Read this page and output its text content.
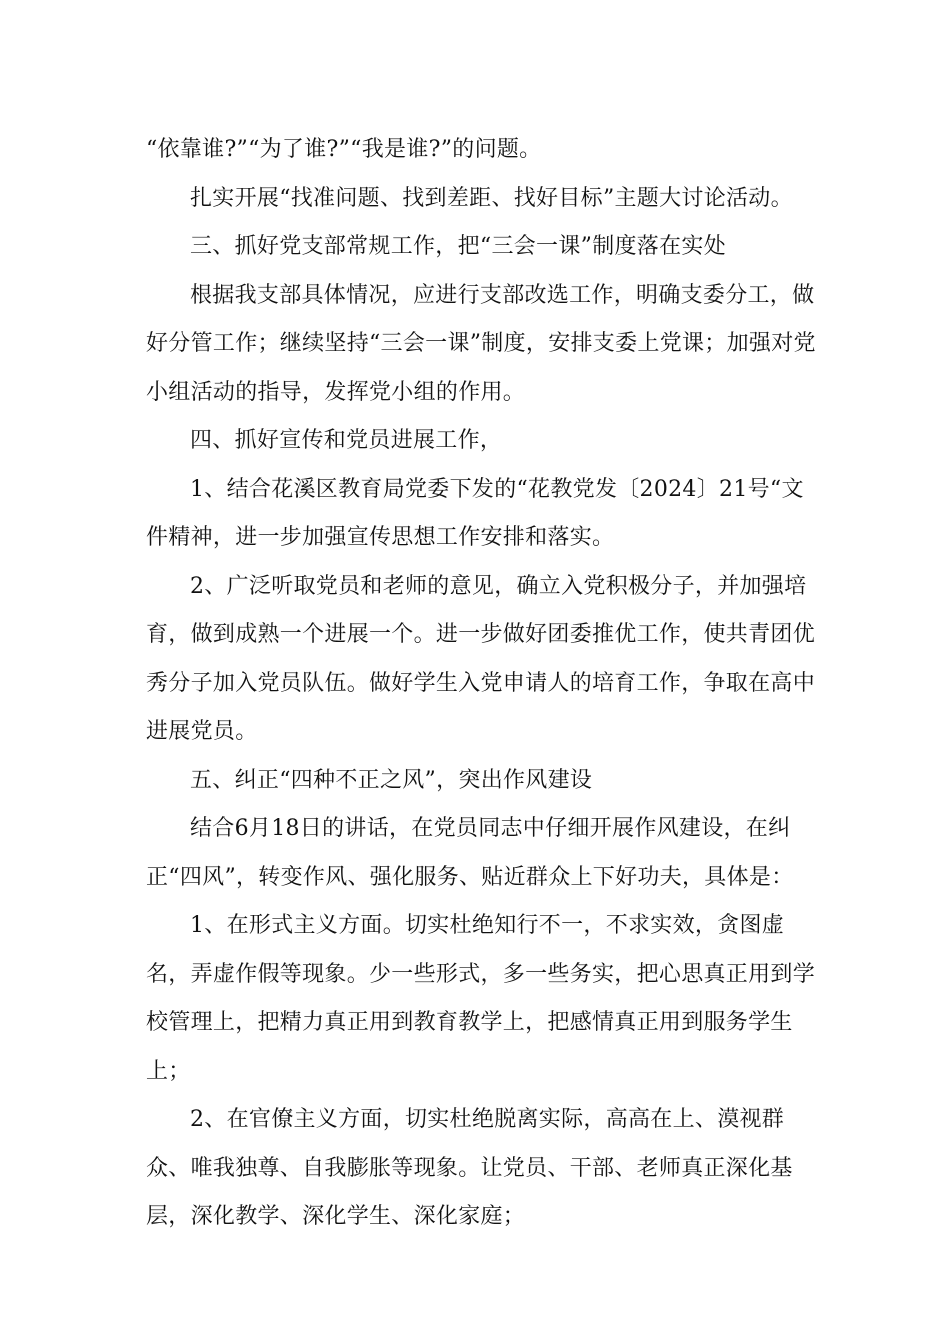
“依靠谁?”“为了谁?”“我是谁?”的问题。

扎实开展“找准问题、找到差距、找好目标”主题大讨论活动。

三、抓好党支部常规工作，把“三会一课”制度落在实处

根据我支部具体情况，应进行支部改选工作，明确支委分工，做好分管工作；继续坚持“三会一课”制度，安排支委上党课；加强对党小组活动的指导，发挥党小组的作用。

四、抓好宣传和党员进展工作，

1、结合花溪区教育局党委下发的“花教党发〔2024〕21号“文件精神，进一步加强宣传思想工作安排和落实。

2、广泛听取党员和老师的意见，确立入党积极分子，并加强培育，做到成熟一个进展一个。进一步做好团委推优工作，使共青团优秀分子加入党员队伍。做好学生入党申请人的培育工作，争取在高中进展党员。

五、纠正“四种不正之风”，突出作风建设

结合6月18日的讲话，在党员同志中仔细开展作风建设，在纠正“四风”，转变作风、强化服务、贴近群众上下好功夫，具体是：

1、在形式主义方面。切实杜绝知行不一，不求实效，贪图虚名，弄虚作假等现象。少一些形式，多一些务实，把心思真正用到学校管理上，把精力真正用到教育教学上，把感情真正用到服务学生上；

2、在官僚主义方面，切实杜绝脱离实际，高高在上、漠视群众、唯我独尊、自我膨胀等现象。让党员、干部、老师真正深化基层，深化教学、深化学生、深化家庭；
